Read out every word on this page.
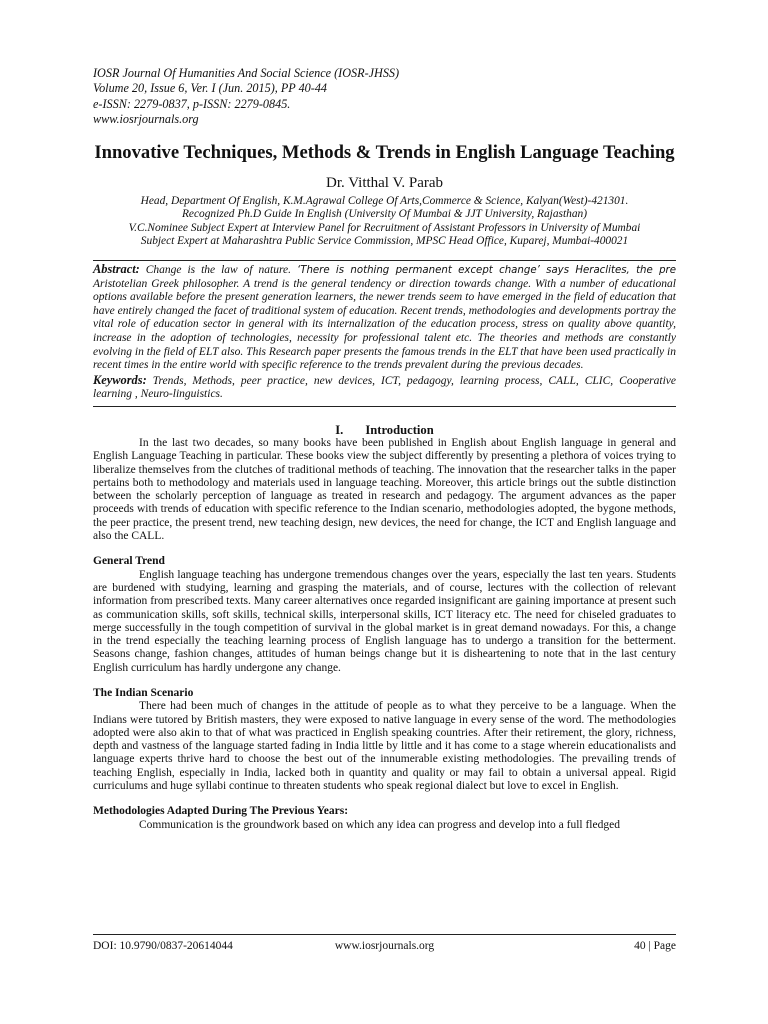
IOSR Journal Of Humanities And Social Science (IOSR-JHSS)
Volume 20, Issue 6, Ver. I (Jun. 2015), PP 40-44
e-ISSN: 2279-0837, p-ISSN: 2279-0845.
www.iosrjournals.org
Innovative Techniques, Methods & Trends in English Language Teaching
Dr. Vitthal V. Parab
Head, Department Of English, K.M.Agrawal College Of Arts,Commerce & Science, Kalyan(West)-421301.
Recognized Ph.D Guide In English (University Of Mumbai & JJT University, Rajasthan)
V.C.Nominee Subject Expert at Interview Panel for Recruitment of Assistant Professors in University of Mumbai
Subject Expert at Maharashtra Public Service Commission, MPSC Head Office, Kuparej, Mumbai-400021
Abstract: Change is the law of nature. ‘There is nothing permanent except change’ says Heraclites, the pre Aristotelian Greek philosopher. A trend is the general tendency or direction towards change. With a number of educational options available before the present generation learners, the newer trends seem to have emerged in the field of education that have entirely changed the facet of traditional system of education. Recent trends, methodologies and developments portray the vital role of education sector in general with its internalization of the education process, stress on quality above quantity, increase in the adoption of technologies, necessity for professional talent etc. The theories and methods are constantly evolving in the field of ELT also. This Research paper presents the famous trends in the ELT that have been used practically in recent times in the entire world with specific reference to the trends prevalent during the previous decades.
Keywords: Trends, Methods, peer practice, new devices, ICT, pedagogy, learning process, CALL, CLIC, Cooperative learning , Neuro-linguistics.
I. Introduction

In the last two decades, so many books have been published in English about English language in general and English Language Teaching in particular. These books view the subject differently by presenting a plethora of voices trying to liberalize themselves from the clutches of traditional methods of teaching. The innovation that the researcher talks in the paper pertains both to methodology and materials used in language teaching. Moreover, this article brings out the subtle distinction between the scholarly perception of language as treated in research and pedagogy. The argument advances as the paper proceeds with trends of education with specific reference to the Indian scenario, methodologies adopted, the bygone methods, the peer practice, the present trend, new teaching design, new devices, the need for change, the ICT and English language and also the CALL.

General Trend

English language teaching has undergone tremendous changes over the years, especially the last ten years. Students are burdened with studying, learning and grasping the materials, and of course, lectures with the collection of relevant information from prescribed texts. Many career alternatives once regarded insignificant are gaining importance at present such as communication skills, soft skills, technical skills, interpersonal skills, ICT literacy etc. The need for chiseled graduates to merge successfully in the tough competition of survival in the global market is in great demand nowadays. For this, a change in the trend especially the teaching learning process of English language has to undergo a transition for the betterment. Seasons change, fashion changes, attitudes of human beings change but it is disheartening to note that in the last century English curriculum has hardly undergone any change.

The Indian Scenario

There had been much of changes in the attitude of people as to what they perceive to be a language. When the Indians were tutored by British masters, they were exposed to native language in every sense of the word. The methodologies adopted were also akin to that of what was practiced in English speaking countries. After their retirement, the glory, richness, depth and vastness of the language started fading in India little by little and it has come to a stage wherein educationalists and language experts thrive hard to choose the best out of the innumerable existing methodologies. The prevailing trends of teaching English, especially in India, lacked both in quantity and quality or may fail to obtain a universal appeal. Rigid curriculums and huge syllabi continue to threaten students who speak regional dialect but love to excel in English.

Methodologies Adapted During The Previous Years:

Communication is the groundwork based on which any idea can progress and develop into a full fledged

DOI: 10.9790/0837-20614044	www.iosrjournals.org	40 | Page
